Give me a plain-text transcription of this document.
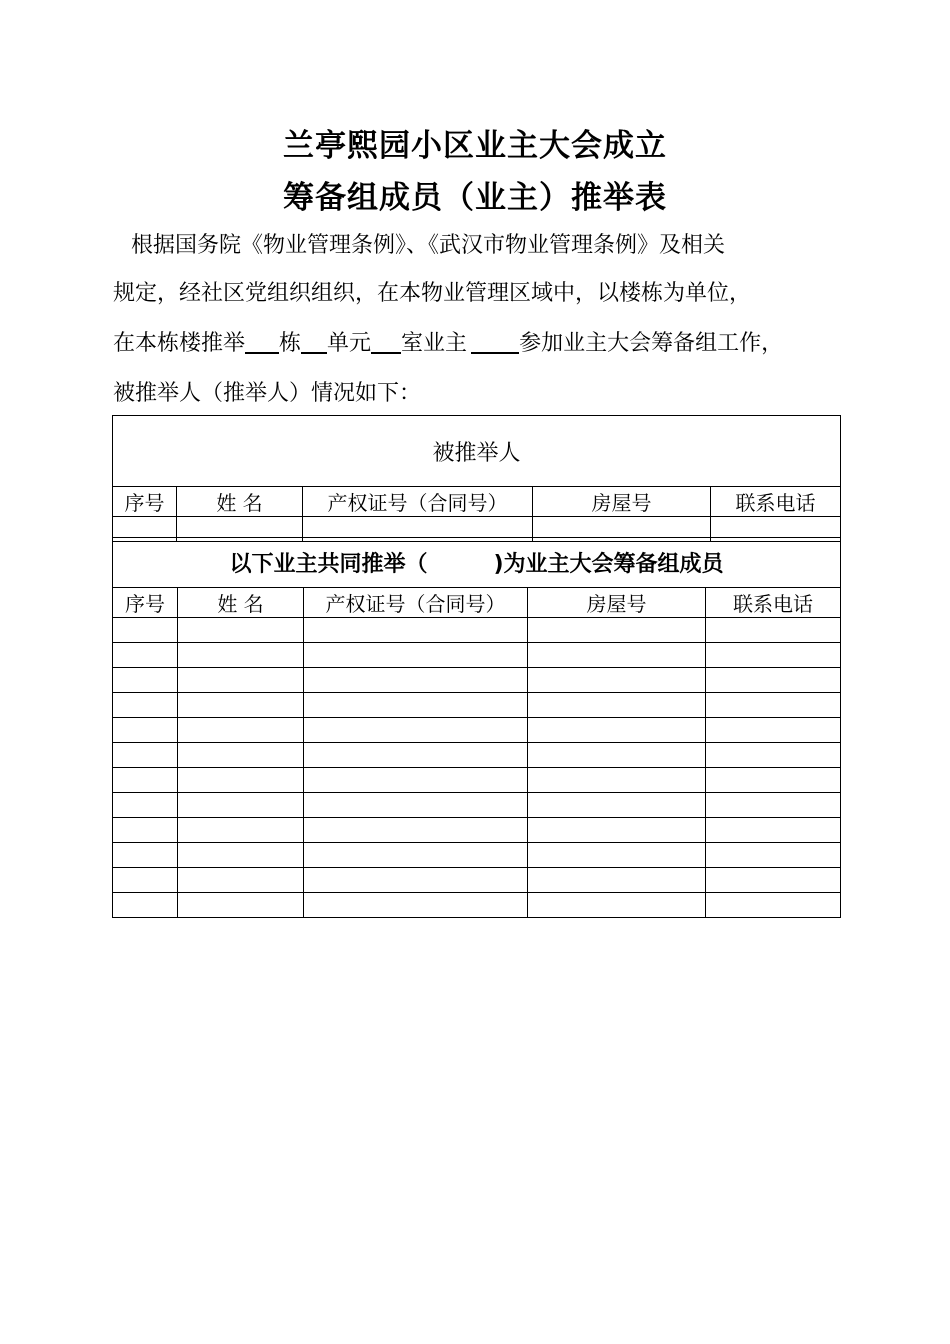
兰亭熙园小区业主大会成立
筹备组成员（业主）推举表
根据国务院《物业管理条例》、《武汉市物业管理条例》及相关
规定，经社区党组织组织，在本物业管理区域中，以楼栋为单位，
在本栋楼推举 栋 单元 室业主 参加业主大会筹备组工作，
被推举人（推举人）情况如下：
被推举人				
序号	姓 名	产权证号（合同号）	房屋号	联系电话

以下业主共同推举（　　　)为业主大会筹备组成员				
序号	姓 名	产权证号（合同号）	房屋号	联系电话
